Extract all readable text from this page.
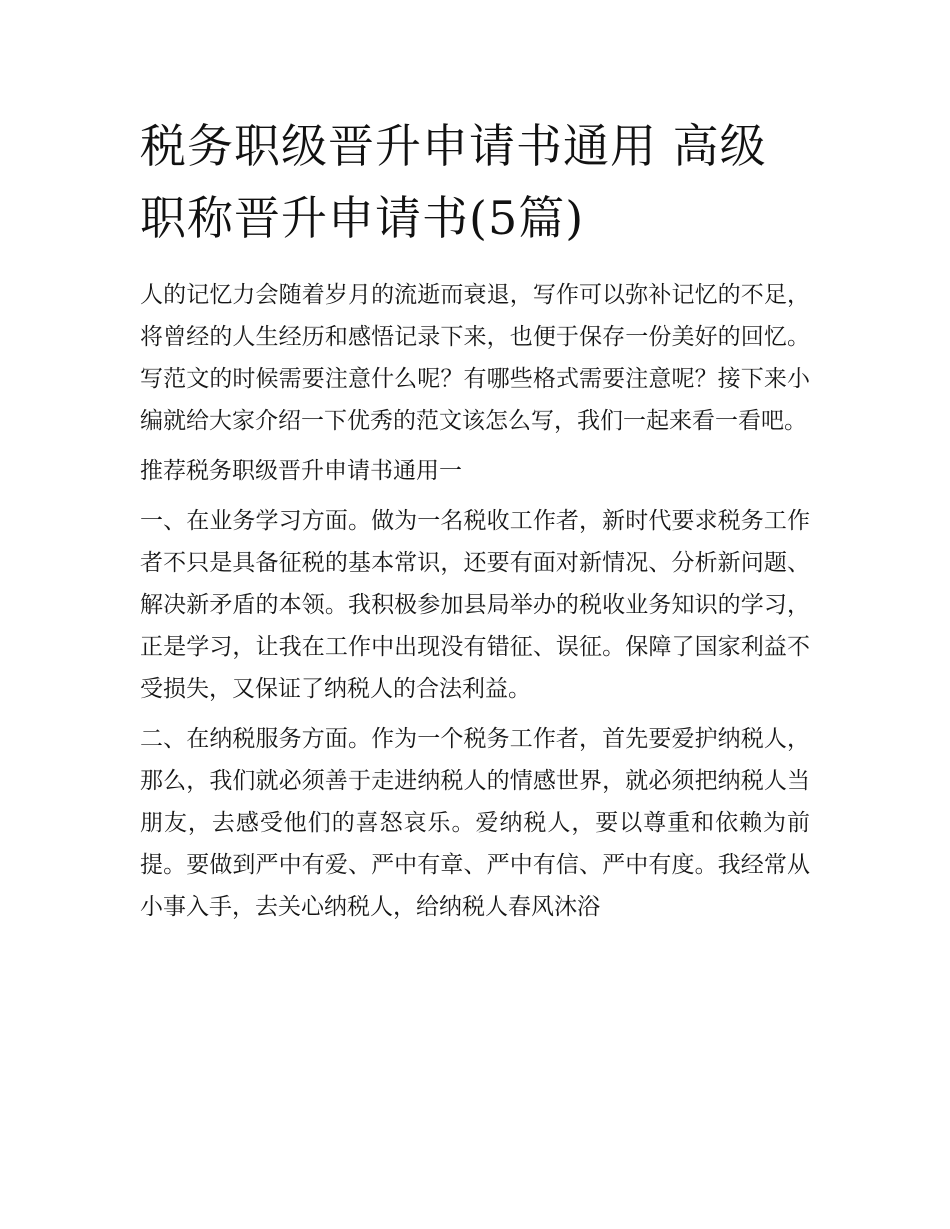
税务职级晋升申请书通用 高级职称晋升申请书(5篇)

人的记忆力会随着岁月的流逝而衰退，写作可以弥补记忆的不足，将曾经的人生经历和感悟记录下来，也便于保存一份美好的回忆。写范文的时候需要注意什么呢？有哪些格式需要注意呢？接下来小编就给大家介绍一下优秀的范文该怎么写，我们一起来看一看吧。

推荐税务职级晋升申请书通用一

一、在业务学习方面。做为一名税收工作者，新时代要求税务工作者不只是具备征税的基本常识，还要有面对新情况、分析新问题、解决新矛盾的本领。我积极参加县局举办的税收业务知识的学习，正是学习，让我在工作中出现没有错征、误征。保障了国家利益不受损失，又保证了纳税人的合法利益。

二、在纳税服务方面。作为一个税务工作者，首先要爱护纳税人，那么，我们就必须善于走进纳税人的情感世界，就必须把纳税人当朋友，去感受他们的喜怒哀乐。爱纳税人，要以尊重和依赖为前提。要做到严中有爱、严中有章、严中有信、严中有度。我经常从小事入手，去关心纳税人，给纳税人春风沐浴
